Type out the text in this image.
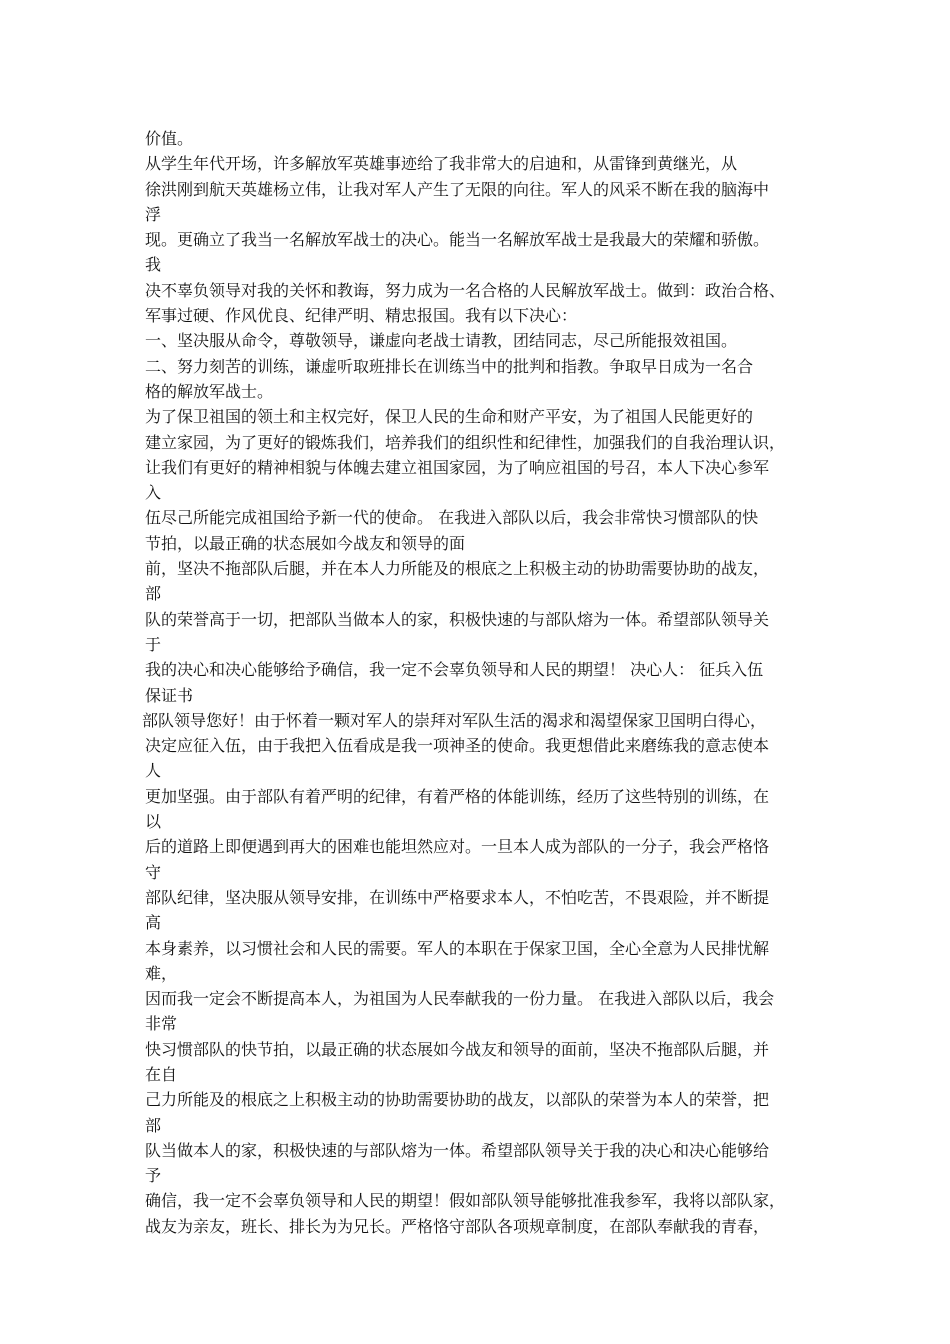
价值。
从学生年代开场，许多解放军英雄事迹给了我非常大的启迪和，从雷锋到黄继光，从
徐洪刚到航天英雄杨立伟，让我对军人产生了无限的向往。军人的风采不断在我的脑海中
浮
现。更确立了我当一名解放军战士的决心。能当一名解放军战士是我最大的荣耀和骄傲。
我
决不辜负领导对我的关怀和教诲，努力成为一名合格的人民解放军战士。做到：政治合格、
军事过硬、作风优良、纪律严明、精忠报国。我有以下决心：
一、坚决服从命令，尊敬领导，谦虚向老战士请教，团结同志，尽己所能报效祖国。
二、努力刻苦的训练，谦虚听取班排长在训练当中的批判和指教。争取早日成为一名合
格的解放军战士。
为了保卫祖国的领土和主权完好，保卫人民的生命和财产平安，为了祖国人民能更好的
建立家园，为了更好的锻炼我们，培养我们的组织性和纪律性，加强我们的自我治理认识，
让我们有更好的精神相貌与体魄去建立祖国家园，为了响应祖国的号召，本人下决心参军
入
伍尽己所能完成祖国给予新一代的使命。 在我进入部队以后，我会非常快习惯部队的快
节拍，以最正确的状态展如今战友和领导的面
前，坚决不拖部队后腿，并在本人力所能及的根底之上积极主动的协助需要协助的战友，
部
队的荣誉高于一切，把部队当做本人的家，积极快速的与部队熔为一体。希望部队领导关
于
我的决心和决心能够给予确信，我一定不会辜负领导和人民的期望！ 决心人： 征兵入伍
保证书
部队领导您好！由于怀着一颗对军人的崇拜对军队生活的渴求和渴望保家卫国明白得心，
决定应征入伍，由于我把入伍看成是我一项神圣的使命。我更想借此来磨练我的意志使本
人
更加坚强。由于部队有着严明的纪律，有着严格的体能训练，经历了这些特别的训练，在
以
后的道路上即便遇到再大的困难也能坦然应对。一旦本人成为部队的一分子，我会严格恪
守
部队纪律，坚决服从领导安排，在训练中严格要求本人，不怕吃苦，不畏艰险，并不断提
高
本身素养，以习惯社会和人民的需要。军人的本职在于保家卫国，全心全意为人民排忧解
难，
因而我一定会不断提高本人，为祖国为人民奉献我的一份力量。 在我进入部队以后，我会
非常
快习惯部队的快节拍，以最正确的状态展如今战友和领导的面前，坚决不拖部队后腿，并
在自
己力所能及的根底之上积极主动的协助需要协助的战友，以部队的荣誉为本人的荣誉，把
部
队当做本人的家，积极快速的与部队熔为一体。希望部队领导关于我的决心和决心能够给
予
确信，我一定不会辜负领导和人民的期望！假如部队领导能够批准我参军，我将以部队家，
战友为亲友，班长、排长为为兄长。严格恪守部队各项规章制度，在部队奉献我的青春，
